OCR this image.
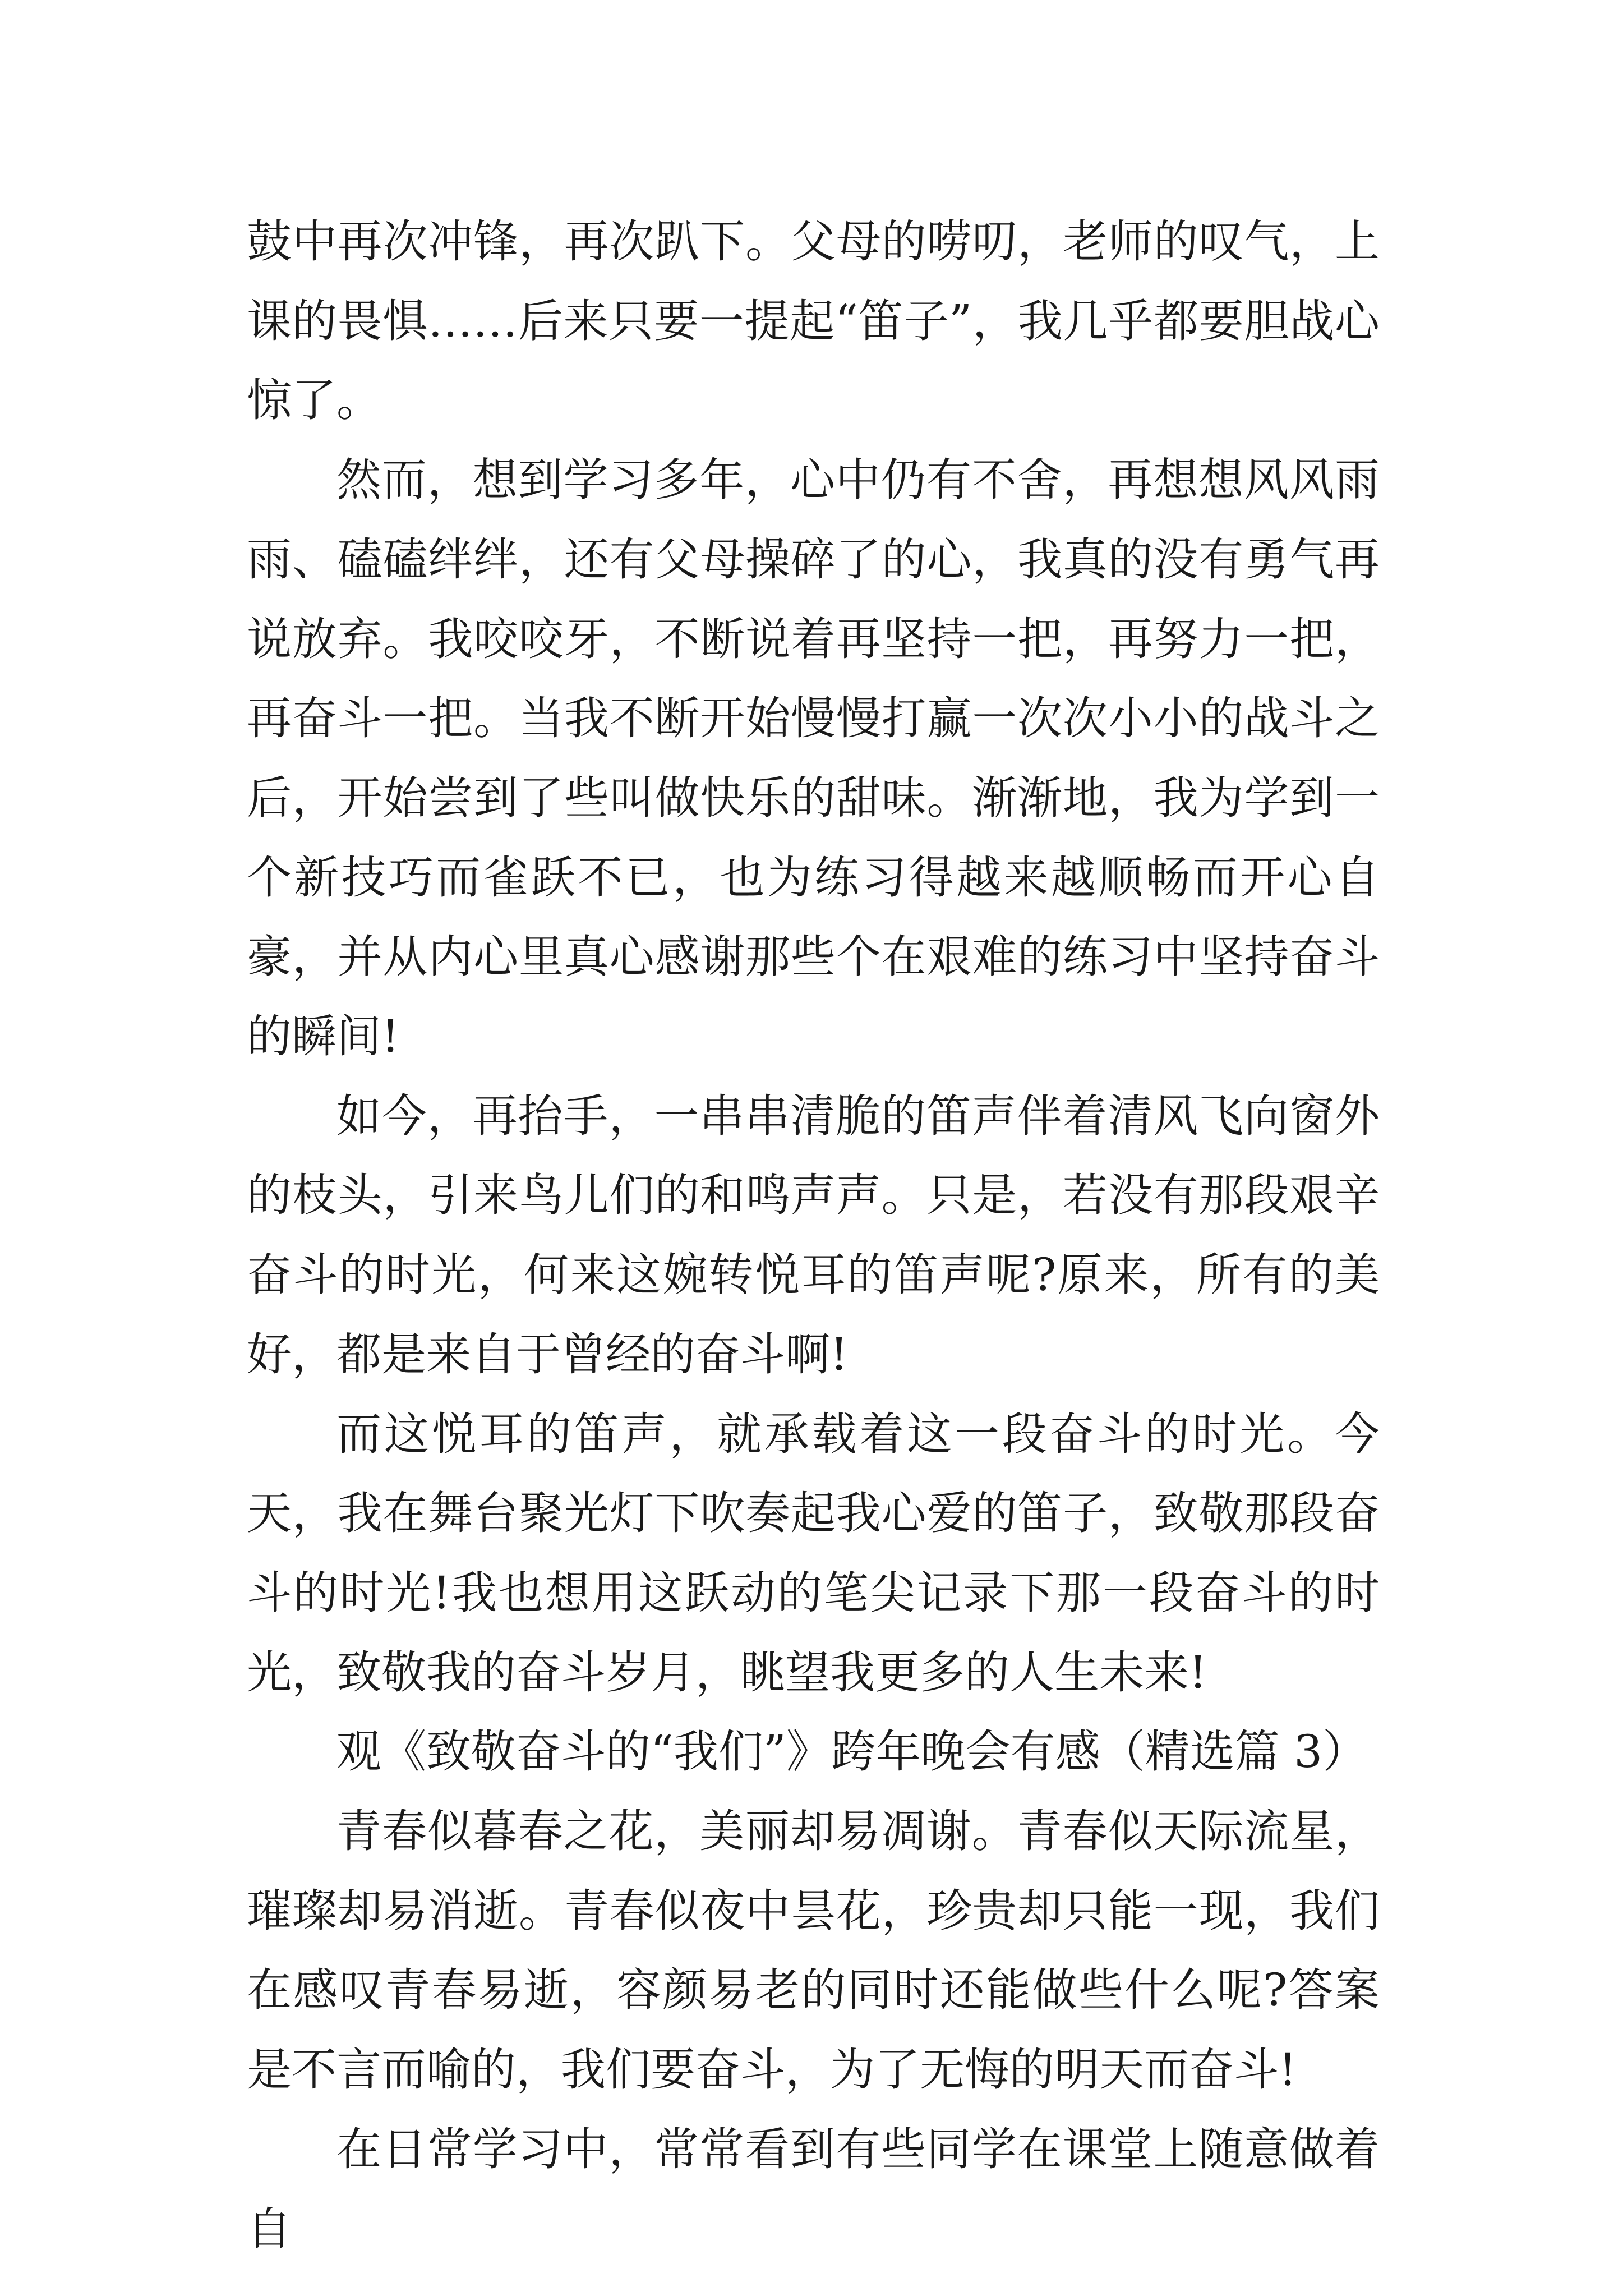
鼓中再次冲锋，再次趴下。父母的唠叨，老师的叹气，上课的畏惧……后来只要一提起“笛子”，我几乎都要胆战心惊了。

然而，想到学习多年，心中仍有不舍，再想想风风雨雨、磕磕绊绊，还有父母操碎了的心，我真的没有勇气再说放弃。我咬咬牙，不断说着再坚持一把，再努力一把，再奋斗一把。当我不断开始慢慢打赢一次次小小的战斗之后，开始尝到了些叫做快乐的甜味。渐渐地，我为学到一个新技巧而雀跃不已，也为练习得越来越顺畅而开心自豪，并从内心里真心感谢那些个在艰难的练习中坚持奋斗的瞬间!

如今，再抬手，一串串清脆的笛声伴着清风飞向窗外的枝头，引来鸟儿们的和鸣声声。只是，若没有那段艰辛奋斗的时光，何来这婉转悦耳的笛声呢?原来，所有的美好，都是来自于曾经的奋斗啊!

而这悦耳的笛声，就承载着这一段奋斗的时光。今天，我在舞台聚光灯下吹奏起我心爱的笛子，致敬那段奋斗的时光!我也想用这跃动的笔尖记录下那一段奋斗的时光，致敬我的奋斗岁月，眺望我更多的人生未来!

观《致敬奋斗的“我们”》跨年晚会有感（精选篇 3）

青春似暮春之花，美丽却易凋谢。青春似天际流星，璀璨却易消逝。青春似夜中昙花，珍贵却只能一现，我们在感叹青春易逝，容颜易老的同时还能做些什么呢?答案是不言而喻的，我们要奋斗，为了无悔的明天而奋斗!

在日常学习中，常常看到有些同学在课堂上随意做着自
